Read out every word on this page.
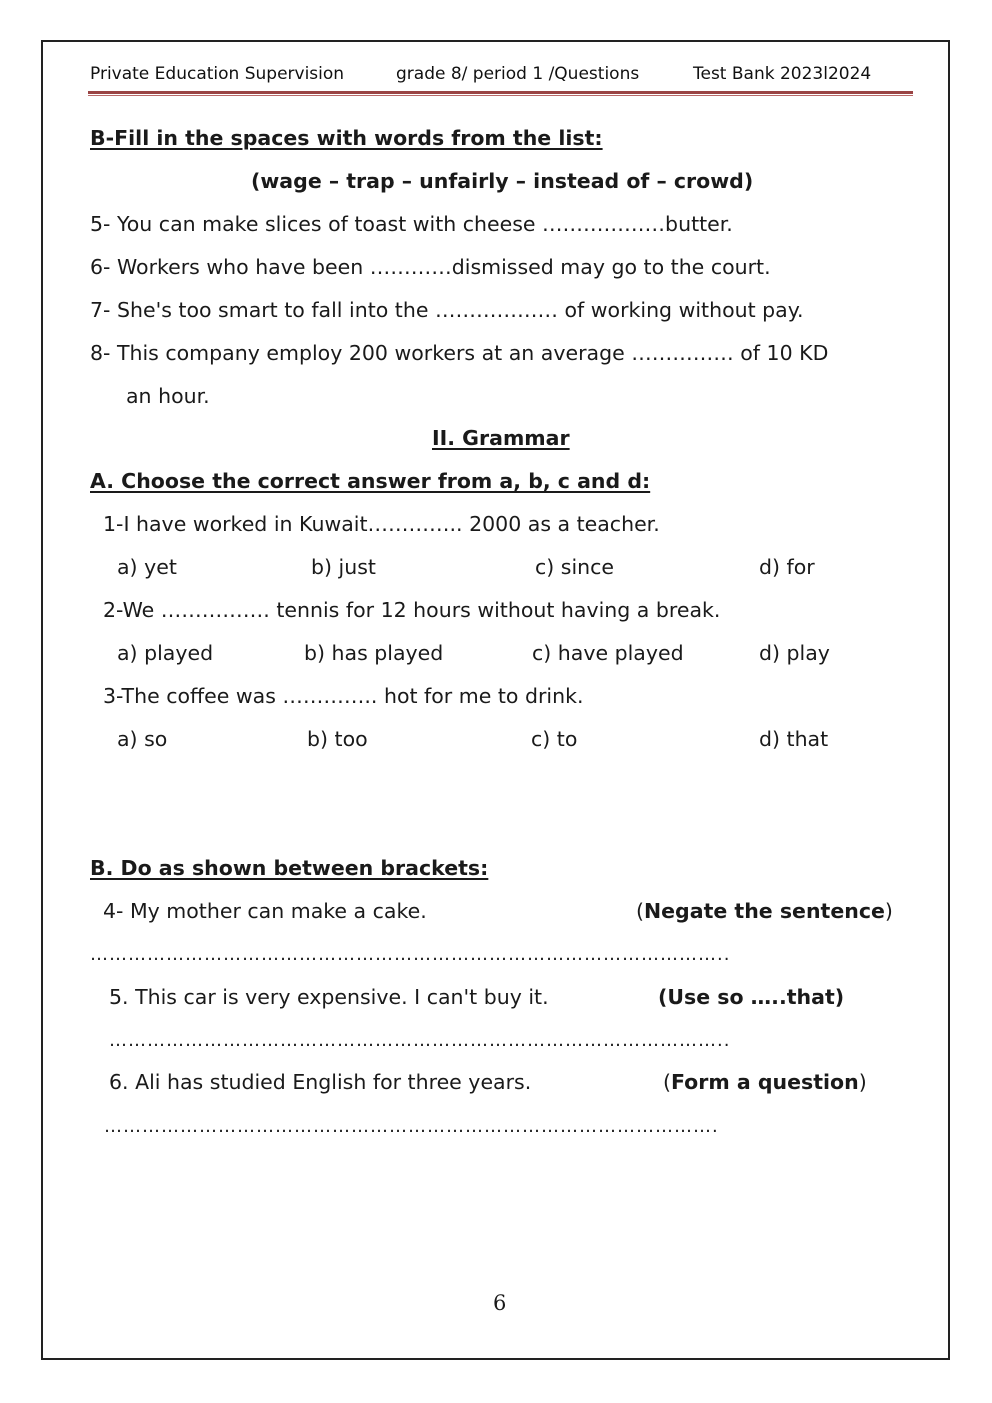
Private Education Supervision	grade 8/ period 1 /Questions	Test Bank 2023l2024
B-Fill in the spaces with words from the list:
(wage – trap – unfairly – instead of – crowd)
5- You can make slices of toast with cheese ………………butter.
6- Workers who have been …………dismissed may go to the court.
7- She's too smart to fall into the ……………… of working without pay.
8- This company employ 200 workers at an average …………… of 10 KD
an hour.
II. Grammar
A. Choose the correct answer from a, b, c and d:
1-I have worked in Kuwait………….. 2000 as a teacher.
a) yet	b) just	c) since	d) for
2-We ……………. tennis for 12 hours without having a break.
a) played	b) has played	c) have played	d) play
3-The coffee was ………….. hot for me to drink.
a) so	b) too	c) to	d) that
B. Do as shown between brackets:
4- My mother can make a cake.	(Negate the sentence)
………………………………………………………………………………………..
5. This car is very expensive. I can't buy it.	(Use so …..that)
……………………………………………………………………………………..
6. Ali has studied English for three years.	(Form a question)
…………………………………………………………………………………….
6
